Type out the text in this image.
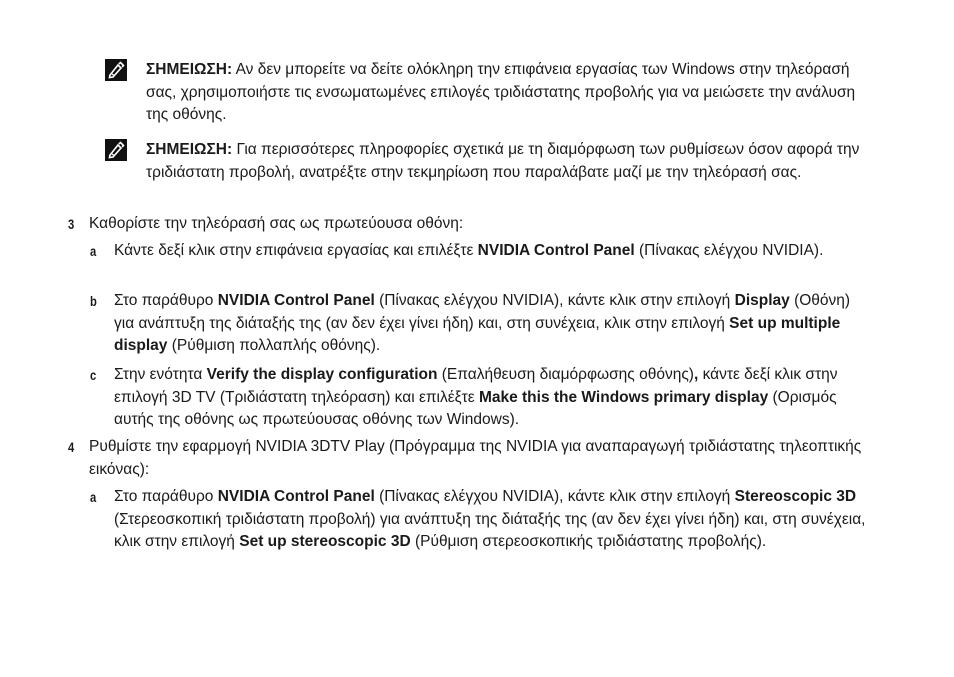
ΣΗΜΕΙΩΣΗ: Αν δεν μπορείτε να δείτε ολόκληρη την επιφάνεια εργασίας των Windows στην τηλεόρασή σας, χρησιμοποιήστε τις ενσωματωμένες επιλογές τριδιάστατης προβολής για να μειώσετε την ανάλυση της οθόνης.
ΣΗΜΕΙΩΣΗ: Για περισσότερες πληροφορίες σχετικά με τη διαμόρφωση των ρυθμίσεων όσον αφορά την τριδιάστατη προβολή, ανατρέξτε στην τεκμηρίωση που παραλάβατε μαζί με την τηλεόρασή σας.
3 Καθορίστε την τηλεόρασή σας ως πρωτεύουσα οθόνη:
a Κάντε δεξί κλικ στην επιφάνεια εργασίας και επιλέξτε NVIDIA Control Panel (Πίνακας ελέγχου NVIDIA).
b Στο παράθυρο NVIDIA Control Panel (Πίνακας ελέγχου NVIDIA), κάντε κλικ στην επιλογή Display (Οθόνη) για ανάπτυξη της διάταξής της (αν δεν έχει γίνει ήδη) και, στη συνέχεια, κλικ στην επιλογή Set up multiple display (Ρύθμιση πολλαπλής οθόνης).
c Στην ενότητα Verify the display configuration (Επαλήθευση διαμόρφωσης οθόνης), κάντε δεξί κλικ στην επιλογή 3D TV (Τριδιάστατη τηλεόραση) και επιλέξτε Make this the Windows primary display (Ορισμός αυτής της οθόνης ως πρωτεύουσας οθόνης των Windows).
4 Ρυθμίστε την εφαρμογή NVIDIA 3DTV Play (Πρόγραμμα της NVIDIA για αναπαραγωγή τριδιάστατης τηλεοπτικής εικόνας):
a Στο παράθυρο NVIDIA Control Panel (Πίνακας ελέγχου NVIDIA), κάντε κλικ στην επιλογή Stereoscopic 3D (Στερεοσκοπική τριδιάστατη προβολή) για ανάπτυξη της διάταξής της (αν δεν έχει γίνει ήδη) και, στη συνέχεια, κλικ στην επιλογή Set up stereoscopic 3D (Ρύθμιση στερεοσκοπικής τριδιάστατης προβολής).
